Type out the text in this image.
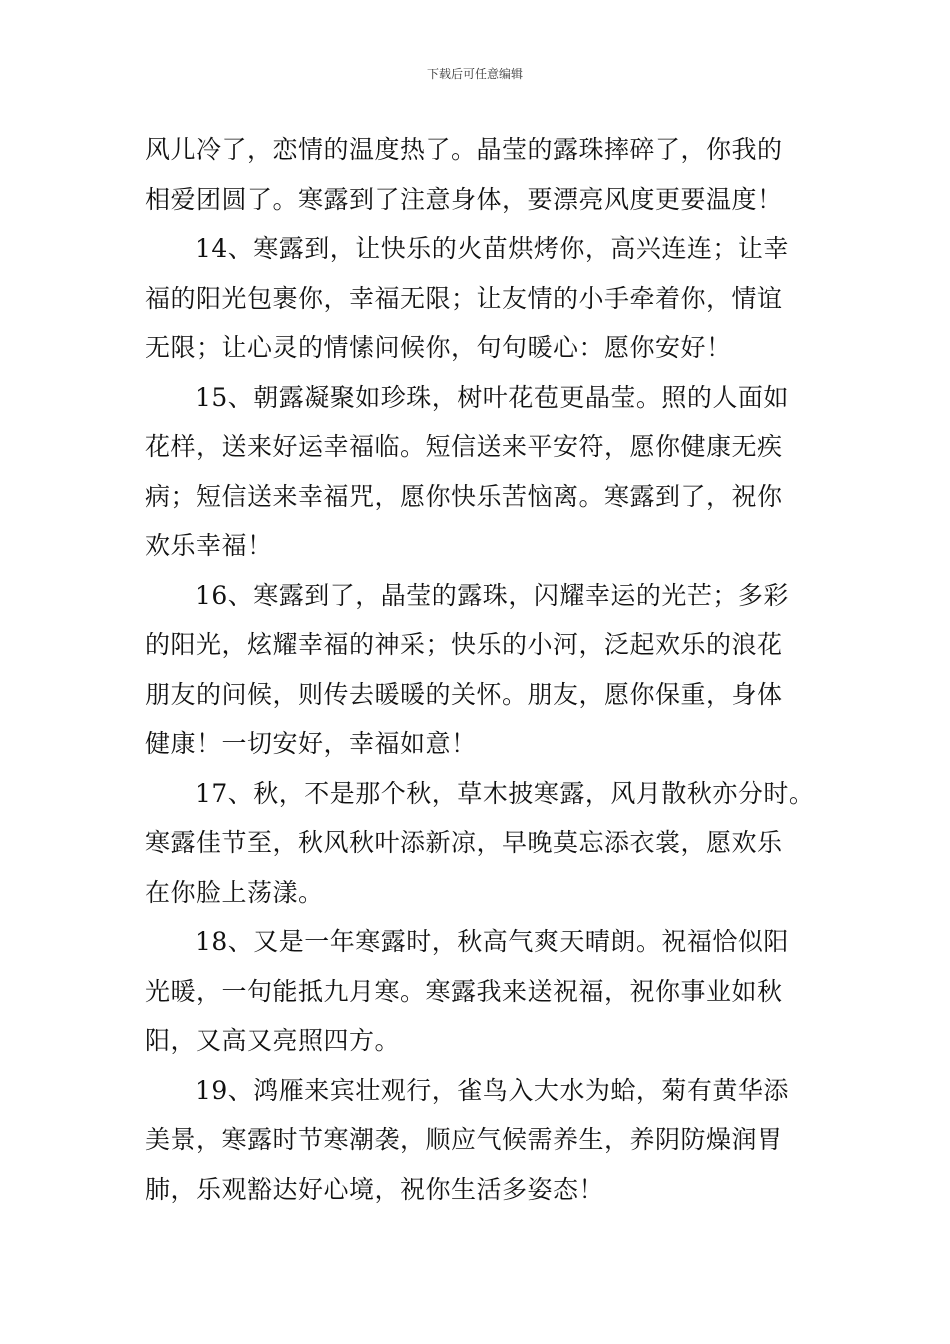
下载后可任意编辑
风儿冷了，恋情的温度热了。晶莹的露珠摔碎了，你我的
相爱团圆了。寒露到了注意身体，要漂亮风度更要温度！
14、寒露到，让快乐的火苗烘烤你，高兴连连；让幸
福的阳光包裹你，幸福无限；让友情的小手牵着你，情谊
无限；让心灵的情愫问候你，句句暖心：愿你安好！
15、朝露凝聚如珍珠，树叶花苞更晶莹。照的人面如
花样，送来好运幸福临。短信送来平安符，愿你健康无疾
病；短信送来幸福咒，愿你快乐苦恼离。寒露到了，祝你
欢乐幸福！
16、寒露到了，晶莹的露珠，闪耀幸运的光芒；多彩
的阳光，炫耀幸福的神采；快乐的小河，泛起欢乐的浪花
朋友的问候，则传去暖暖的关怀。朋友，愿你保重，身体
健康！一切安好，幸福如意！
17、秋，不是那个秋，草木披寒露，风月散秋亦分时。
寒露佳节至，秋风秋叶添新凉，早晚莫忘添衣裳，愿欢乐
在你脸上荡漾。
18、又是一年寒露时，秋高气爽天晴朗。祝福恰似阳
光暖，一句能抵九月寒。寒露我来送祝福，祝你事业如秋
阳，又高又亮照四方。
19、鸿雁来宾壮观行，雀鸟入大水为蛤，菊有黄华添
美景，寒露时节寒潮袭，顺应气候需养生，养阴防燥润胃
肺，乐观豁达好心境，祝你生活多姿态！
